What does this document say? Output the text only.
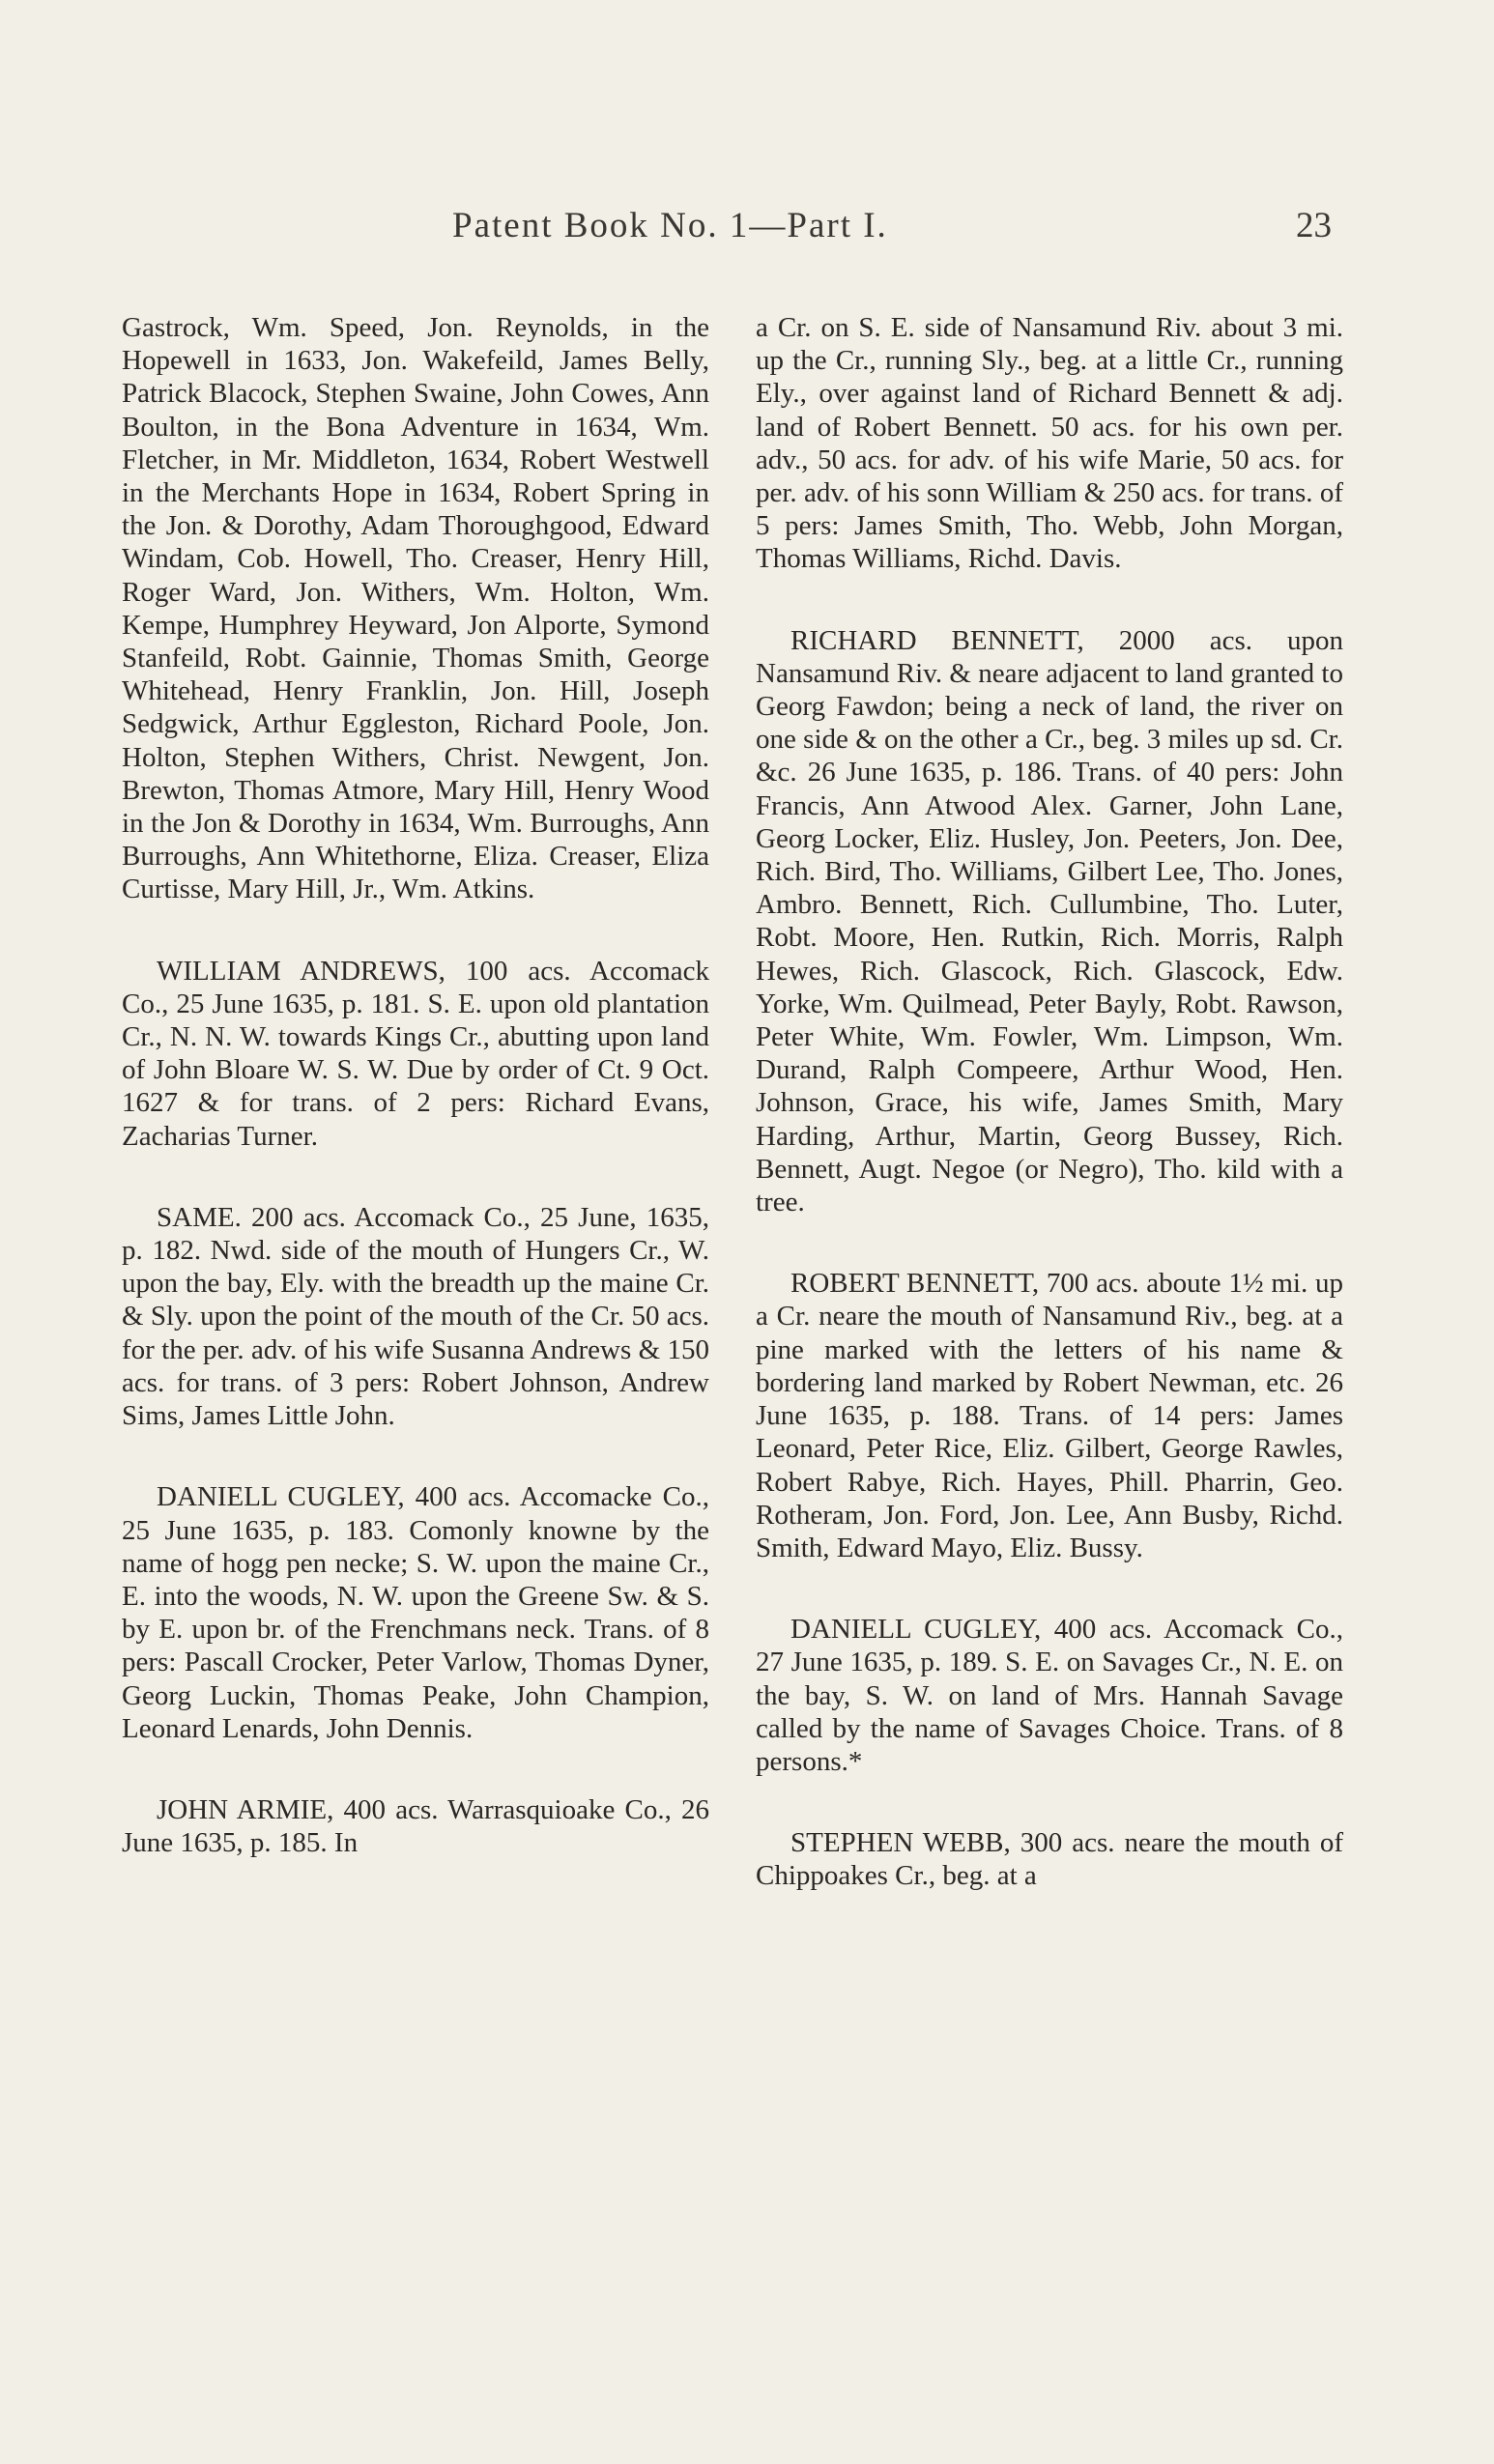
Patent Book No. 1—Part I.	23

Gastrock, Wm. Speed, Jon. Reynolds, in the Hopewell in 1633, Jon. Wakefeild, James Belly, Patrick Blacock, Stephen Swaine, John Cowes, Ann Boulton, in the Bona Adventure in 1634, Wm. Fletcher, in Mr. Middleton, 1634, Robert Westwell in the Merchants Hope in 1634, Robert Spring in the Jon. & Dorothy, Adam Thoroughgood, Edward Windam, Cob. Howell, Tho. Creaser, Henry Hill, Roger Ward, Jon. Withers, Wm. Holton, Wm. Kempe, Humphrey Heyward, Jon Alporte, Symond Stanfeild, Robt. Gainnie, Thomas Smith, George Whitehead, Henry Franklin, Jon. Hill, Joseph Sedgwick, Arthur Eggleston, Richard Poole, Jon. Holton, Stephen Withers, Christ. Newgent, Jon. Brewton, Thomas Atmore, Mary Hill, Henry Wood in the Jon & Dorothy in 1634, Wm. Burroughs, Ann Burroughs, Ann Whitethorne, Eliza. Creaser, Eliza Curtisse, Mary Hill, Jr., Wm. Atkins.

WILLIAM ANDREWS, 100 acs. Accomack Co., 25 June 1635, p. 181. S. E. upon old plantation Cr., N. N. W. towards Kings Cr., abutting upon land of John Bloare W. S. W. Due by order of Ct. 9 Oct. 1627 & for trans. of 2 pers: Richard Evans, Zacharias Turner.

SAME. 200 acs. Accomack Co., 25 June, 1635, p. 182. Nwd. side of the mouth of Hungers Cr., W. upon the bay, Ely. with the breadth up the maine Cr. & Sly. upon the point of the mouth of the Cr. 50 acs. for the per. adv. of his wife Susanna Andrews & 150 acs. for trans. of 3 pers: Robert Johnson, Andrew Sims, James Little John.

DANIELL CUGLEY, 400 acs. Accomacke Co., 25 June 1635, p. 183. Comonly knowne by the name of hogg pen necke; S. W. upon the maine Cr., E. into the woods, N. W. upon the Greene Sw. & S. by E. upon br. of the Frenchmans neck. Trans. of 8 pers: Pascall Crocker, Peter Varlow, Thomas Dyner, Georg Luckin, Thomas Peake, John Champion, Leonard Lenards, John Dennis.

JOHN ARMIE, 400 acs. Warrasquioake Co., 26 June 1635, p. 185. In

a Cr. on S. E. side of Nansamund Riv. about 3 mi. up the Cr., running Sly., beg. at a little Cr., running Ely., over against land of Richard Bennett & adj. land of Robert Bennett. 50 acs. for his own per. adv., 50 acs. for adv. of his wife Marie, 50 acs. for per. adv. of his sonn William & 250 acs. for trans. of 5 pers: James Smith, Tho. Webb, John Morgan, Thomas Williams, Richd. Davis.

RICHARD BENNETT, 2000 acs. upon Nansamund Riv. & neare adjacent to land granted to Georg Fawdon; being a neck of land, the river on one side & on the other a Cr., beg. 3 miles up sd. Cr. &c. 26 June 1635, p. 186. Trans. of 40 pers: John Francis, Ann Atwood Alex. Garner, John Lane, Georg Locker, Eliz. Husley, Jon. Peeters, Jon. Dee, Rich. Bird, Tho. Williams, Gilbert Lee, Tho. Jones, Ambro. Bennett, Rich. Cullumbine, Tho. Luter, Robt. Moore, Hen. Rutkin, Rich. Morris, Ralph Hewes, Rich. Glascock, Rich. Glascock, Edw. Yorke, Wm. Quilmead, Peter Bayly, Robt. Rawson, Peter White, Wm. Fowler, Wm. Limpson, Wm. Durand, Ralph Compeere, Arthur Wood, Hen. Johnson, Grace, his wife, James Smith, Mary Harding, Arthur, Martin, Georg Bussey, Rich. Bennett, Augt. Negoe (or Negro), Tho. kild with a tree.

ROBERT BENNETT, 700 acs. aboute 1½ mi. up a Cr. neare the mouth of Nansamund Riv., beg. at a pine marked with the letters of his name & bordering land marked by Robert Newman, etc. 26 June 1635, p. 188. Trans. of 14 pers: James Leonard, Peter Rice, Eliz. Gilbert, George Rawles, Robert Rabye, Rich. Hayes, Phill. Pharrin, Geo. Rotheram, Jon. Ford, Jon. Lee, Ann Busby, Richd. Smith, Edward Mayo, Eliz. Bussy.

DANIELL CUGLEY, 400 acs. Accomack Co., 27 June 1635, p. 189. S. E. on Savages Cr., N. E. on the bay, S. W. on land of Mrs. Hannah Savage called by the name of Savages Choice. Trans. of 8 persons.*

STEPHEN WEBB, 300 acs. neare the mouth of Chippoakes Cr., beg. at a
